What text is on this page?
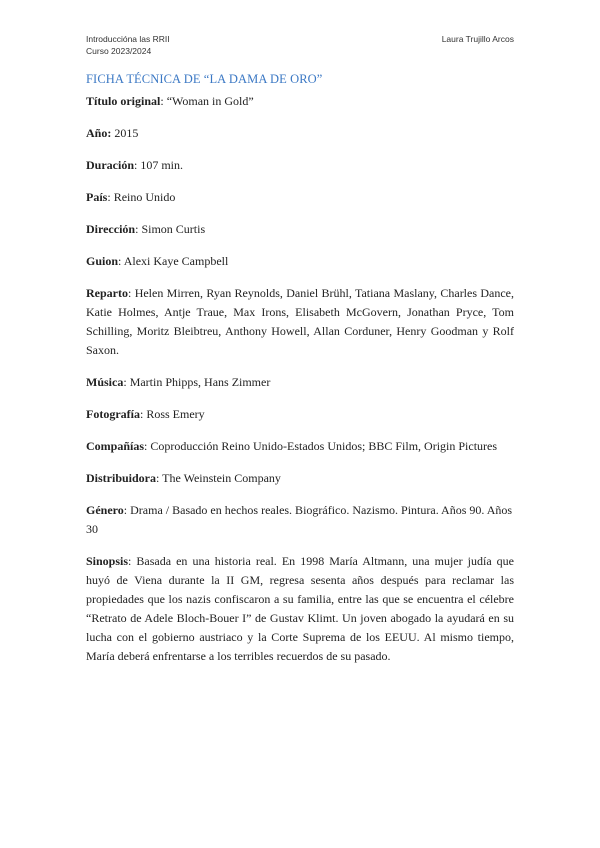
Introduccióna las RRII
Curso 2023/2024
Laura Trujillo Arcos
FICHA TÉCNICA DE “LA DAMA DE ORO”

Título original: “Woman in Gold”

Año: 2015

Duración: 107 min.

País: Reino Unido

Dirección: Simon Curtis

Guion: Alexi Kaye Campbell

Reparto: Helen Mirren, Ryan Reynolds, Daniel Brühl, Tatiana Maslany, Charles Dance, Katie Holmes, Antje Traue, Max Irons, Elisabeth McGovern, Jonathan Pryce, Tom Schilling, Moritz Bleibtreu, Anthony Howell, Allan Corduner, Henry Goodman y Rolf Saxon.

Música: Martin Phipps, Hans Zimmer

Fotografía: Ross Emery

Compañías: Coproducción Reino Unido-Estados Unidos; BBC Film, Origin Pictures

Distribuidora: The Weinstein Company

Género: Drama / Basado en hechos reales. Biográfico. Nazismo. Pintura. Años 90. Años 30

Sinopsis: Basada en una historia real. En 1998 María Altmann, una mujer judía que huyó de Viena durante la II GM, regresa sesenta años después para reclamar las propiedades que los nazis confiscaron a su familia, entre las que se encuentra el célebre “Retrato de Adele Bloch-Bouer I” de Gustav Klimt. Un joven abogado la ayudará en su lucha con el gobierno austriaco y la Corte Suprema de los EEUU. Al mismo tiempo, María deberá enfrentarse a los terribles recuerdos de su pasado.
